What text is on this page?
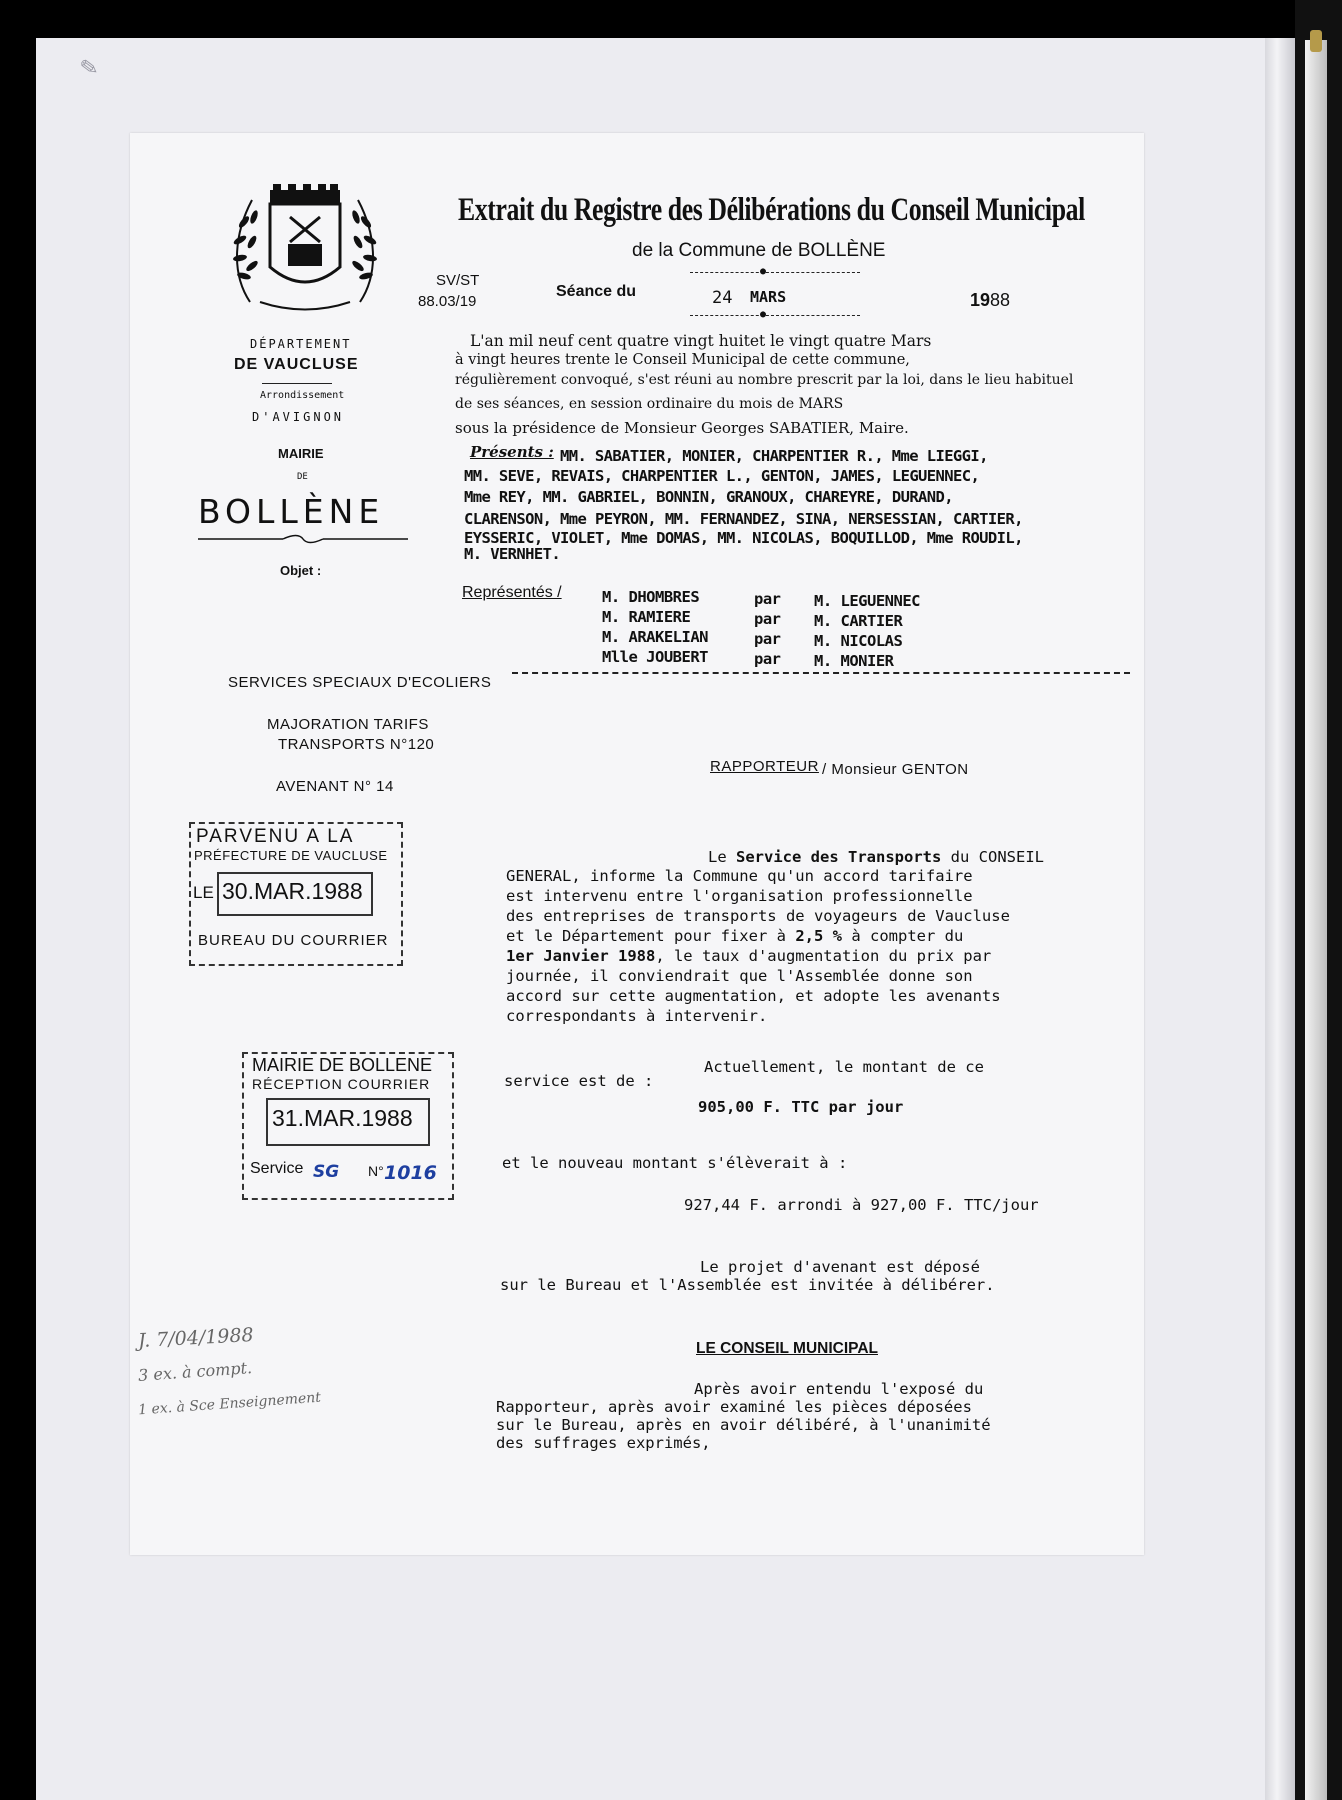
✎
Extrait du Registre des Délibérations du Conseil Municipal
de la Commune de BOLLÈNE
●
DÉPARTEMENT
DE VAUCLUSE
Arrondissement
D'AVIGNON
MAIRIE
DE
BOLLÈNE
Objet :
SV/ST
88.03/19
Séance du	24 MARS
●
1988
L'an mil neuf cent quatre vingt huitet le vingt quatre Mars
à vingt heures trente le Conseil Municipal de cette commune,
régulièrement convoqué, s'est réuni au nombre prescrit par la loi, dans le lieu habituel
de ses séances, en session ordinaire du mois de MARS
sous la présidence de Monsieur Georges SABATIER, Maire.
Présents : MM. SABATIER, MONIER, CHARPENTIER R., Mme LIEGGI,
MM. SEVE, REVAIS, CHARPENTIER L., GENTON, JAMES, LEGUENNEC,
Mme REY, MM. GABRIEL, BONNIN, GRANOUX, CHAREYRE, DURAND,
CLARENSON, Mme PEYRON, MM. FERNANDEZ, SINA, NERSESSIAN, CARTIER,
EYSSERIC, VIOLET, Mme DOMAS, MM. NICOLAS, BOQUILLOD, Mme ROUDIL,
M. VERNHET.
Représentés /	M. DHOMBRES	par M. LEGUENNEC
M. RAMIERE	par M. CARTIER
M. ARAKELIAN	par M. NICOLAS
Mlle JOUBERT	par M. MONIER
SERVICES SPECIAUX D'ECOLIERS
MAJORATION TARIFS
TRANSPORTS N°120
AVENANT N° 14
RAPPORTEUR / Monsieur GENTON
PARVENU A LA
PRÉFECTURE DE VAUCLUSE
LE 30.MAR.1988
BUREAU DU COURRIER
MAIRIE DE BOLLENE
RÉCEPTION COURRIER
31.MAR.1988
Service SG N° 1016
Le Service des Transports du CONSEIL
GENERAL, informe la Commune qu'un accord tarifaire
est intervenu entre l'organisation professionnelle
des entreprises de transports de voyageurs de Vaucluse
et le Département pour fixer à 2,5 % à compter du
1er Janvier 1988, le taux d'augmentation du prix par
journée, il conviendrait que l'Assemblée donne son
accord sur cette augmentation, et adopte les avenants
correspondants à intervenir.
Actuellement, le montant de ce
service est de :
905,00 F. TTC par jour
et le nouveau montant s'élèverait à :
927,44 F. arrondi à 927,00 F. TTC/jour
Le projet d'avenant est déposé
sur le Bureau et l'Assemblée est invitée à délibérer.
LE CONSEIL MUNICIPAL
Après avoir entendu l'exposé du
Rapporteur, après avoir examiné les pièces déposées
sur le Bureau, après en avoir délibéré, à l'unanimité
des suffrages exprimés,
J. 7/04/1988
3 ex. à compt.
1 ex. à Sce Enseignement
